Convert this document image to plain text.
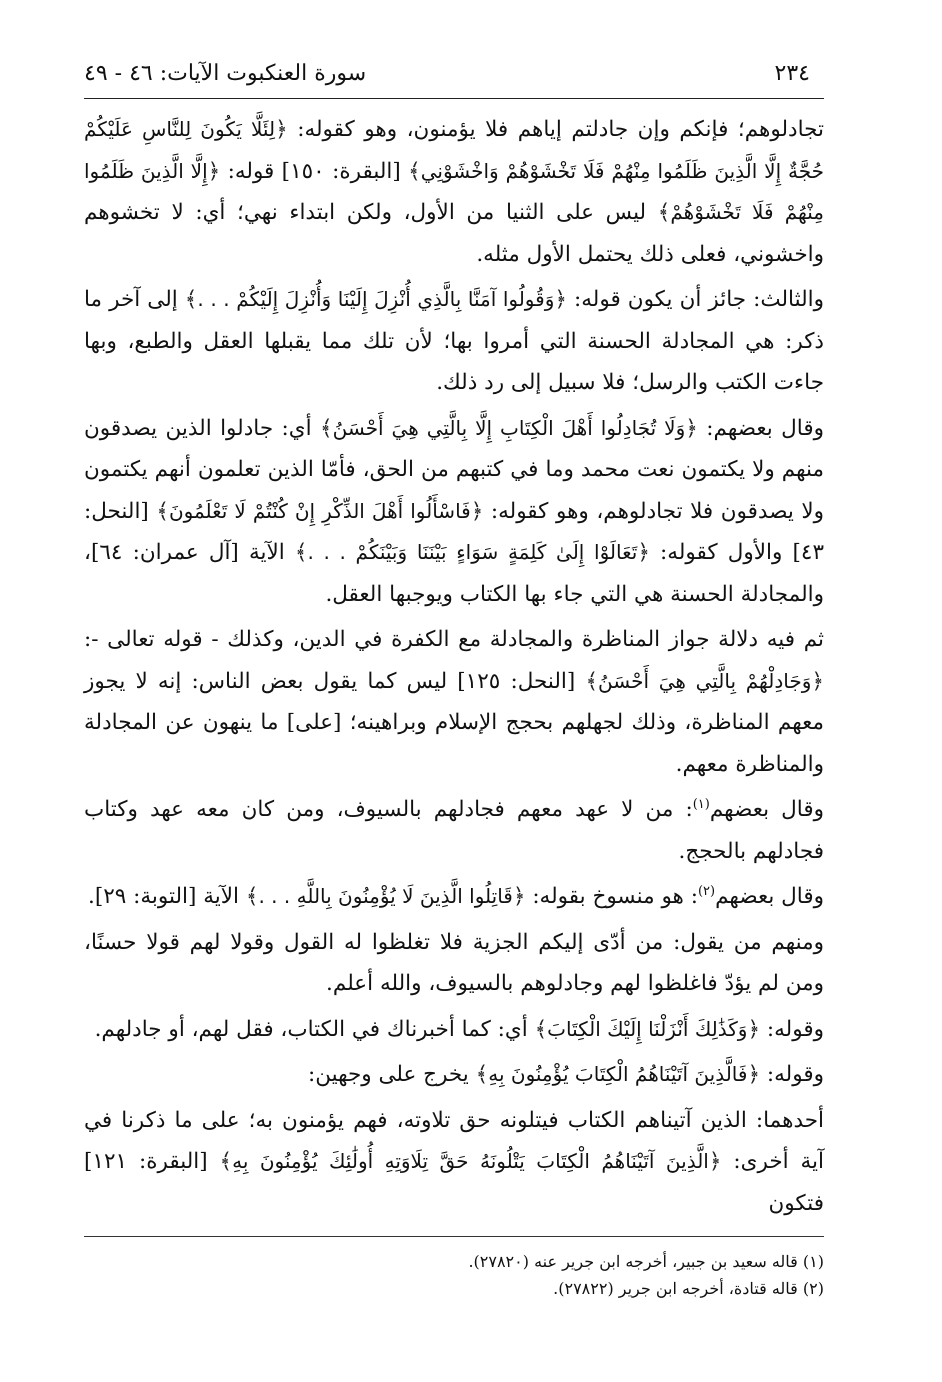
٢٣٤
سورة العنكبوت الآيات: ٤٦ - ٤٩

تجادلوهم؛ فإنكم وإن جادلتم إياهم فلا يؤمنون، وهو كقوله: ﴿لِئَلَّا يَكُونَ لِلنَّاسِ عَلَيْكُمْ حُجَّةٌ إِلَّا الَّذِينَ ظَلَمُوا مِنْهُمْ فَلَا تَخْشَوْهُمْ وَاخْشَوْنِي﴾ [البقرة: ١٥٠] قوله: ﴿إِلَّا الَّذِينَ ظَلَمُوا مِنْهُمْ فَلَا تَخْشَوْهُمْ﴾ ليس على الثنيا من الأول، ولكن ابتداء نهي؛ أي: لا تخشوهم واخشوني، فعلى ذلك يحتمل الأول مثله.

والثالث: جائز أن يكون قوله: ﴿وَقُولُوا آمَنَّا بِالَّذِي أُنْزِلَ إِلَيْنَا وَأُنْزِلَ إِلَيْكُمْ . . .﴾ إلى آخر ما ذكر: هي المجادلة الحسنة التي أمروا بها؛ لأن تلك مما يقبلها العقل والطبع، وبها جاءت الكتب والرسل؛ فلا سبيل إلى رد ذلك.

وقال بعضهم: ﴿وَلَا تُجَادِلُوا أَهْلَ الْكِتَابِ إِلَّا بِالَّتِي هِيَ أَحْسَنُ﴾ أي: جادلوا الذين يصدقون منهم ولا يكتمون نعت محمد وما في كتبهم من الحق، فأمّا الذين تعلمون أنهم يكتمون ولا يصدقون فلا تجادلوهم، وهو كقوله: ﴿فَاسْأَلُوا أَهْلَ الذِّكْرِ إِنْ كُنْتُمْ لَا تَعْلَمُونَ﴾ [النحل: ٤٣] والأول كقوله: ﴿تَعَالَوْا إِلَىٰ كَلِمَةٍ سَوَاءٍ بَيْنَنَا وَبَيْنَكُمْ . . .﴾ الآية [آل عمران: ٦٤]، والمجادلة الحسنة هي التي جاء بها الكتاب ويوجبها العقل.

ثم فيه دلالة جواز المناظرة والمجادلة مع الكفرة في الدين، وكذلك - قوله تعالى -: ﴿وَجَادِلْهُمْ بِالَّتِي هِيَ أَحْسَنُ﴾ [النحل: ١٢٥] ليس كما يقول بعض الناس: إنه لا يجوز معهم المناظرة، وذلك لجهلهم بحجج الإسلام وبراهينه؛ [على] ما ينهون عن المجادلة والمناظرة معهم.

وقال بعضهم$^{(١)}$: من لا عهد معهم فجادلهم بالسيوف، ومن كان معه عهد وكتاب فجادلهم بالحجج.

وقال بعضهم$^{(٢)}$: هو منسوخ بقوله: ﴿قَاتِلُوا الَّذِينَ لَا يُؤْمِنُونَ بِاللَّهِ . . .﴾ الآية [التوبة: ٢٩].

ومنهم من يقول: من أدّى إليكم الجزية فلا تغلظوا له القول وقولا لهم قولا حسنًا، ومن لم يؤدّ فاغلظوا لهم وجادلوهم بالسيوف، والله أعلم.

وقوله: ﴿وَكَذَٰلِكَ أَنْزَلْنَا إِلَيْكَ الْكِتَابَ﴾ أي: كما أخبرناك في الكتاب، فقل لهم، أو جادلهم.

وقوله: ﴿فَالَّذِينَ آتَيْنَاهُمُ الْكِتَابَ يُؤْمِنُونَ بِهِ﴾ يخرج على وجهين:

أحدهما: الذين آتيناهم الكتاب فيتلونه حق تلاوته، فهم يؤمنون به؛ على ما ذكرنا في آية أخرى: ﴿الَّذِينَ آتَيْنَاهُمُ الْكِتَابَ يَتْلُونَهُ حَقَّ تِلَاوَتِهِ أُولَٰئِكَ يُؤْمِنُونَ بِهِ﴾ [البقرة: ١٢١] فتكون

(١) قاله سعيد بن جبير، أخرجه ابن جرير عنه (٢٧٨٢٠).

(٢) قاله قتادة، أخرجه ابن جرير (٢٧٨٢٢).
